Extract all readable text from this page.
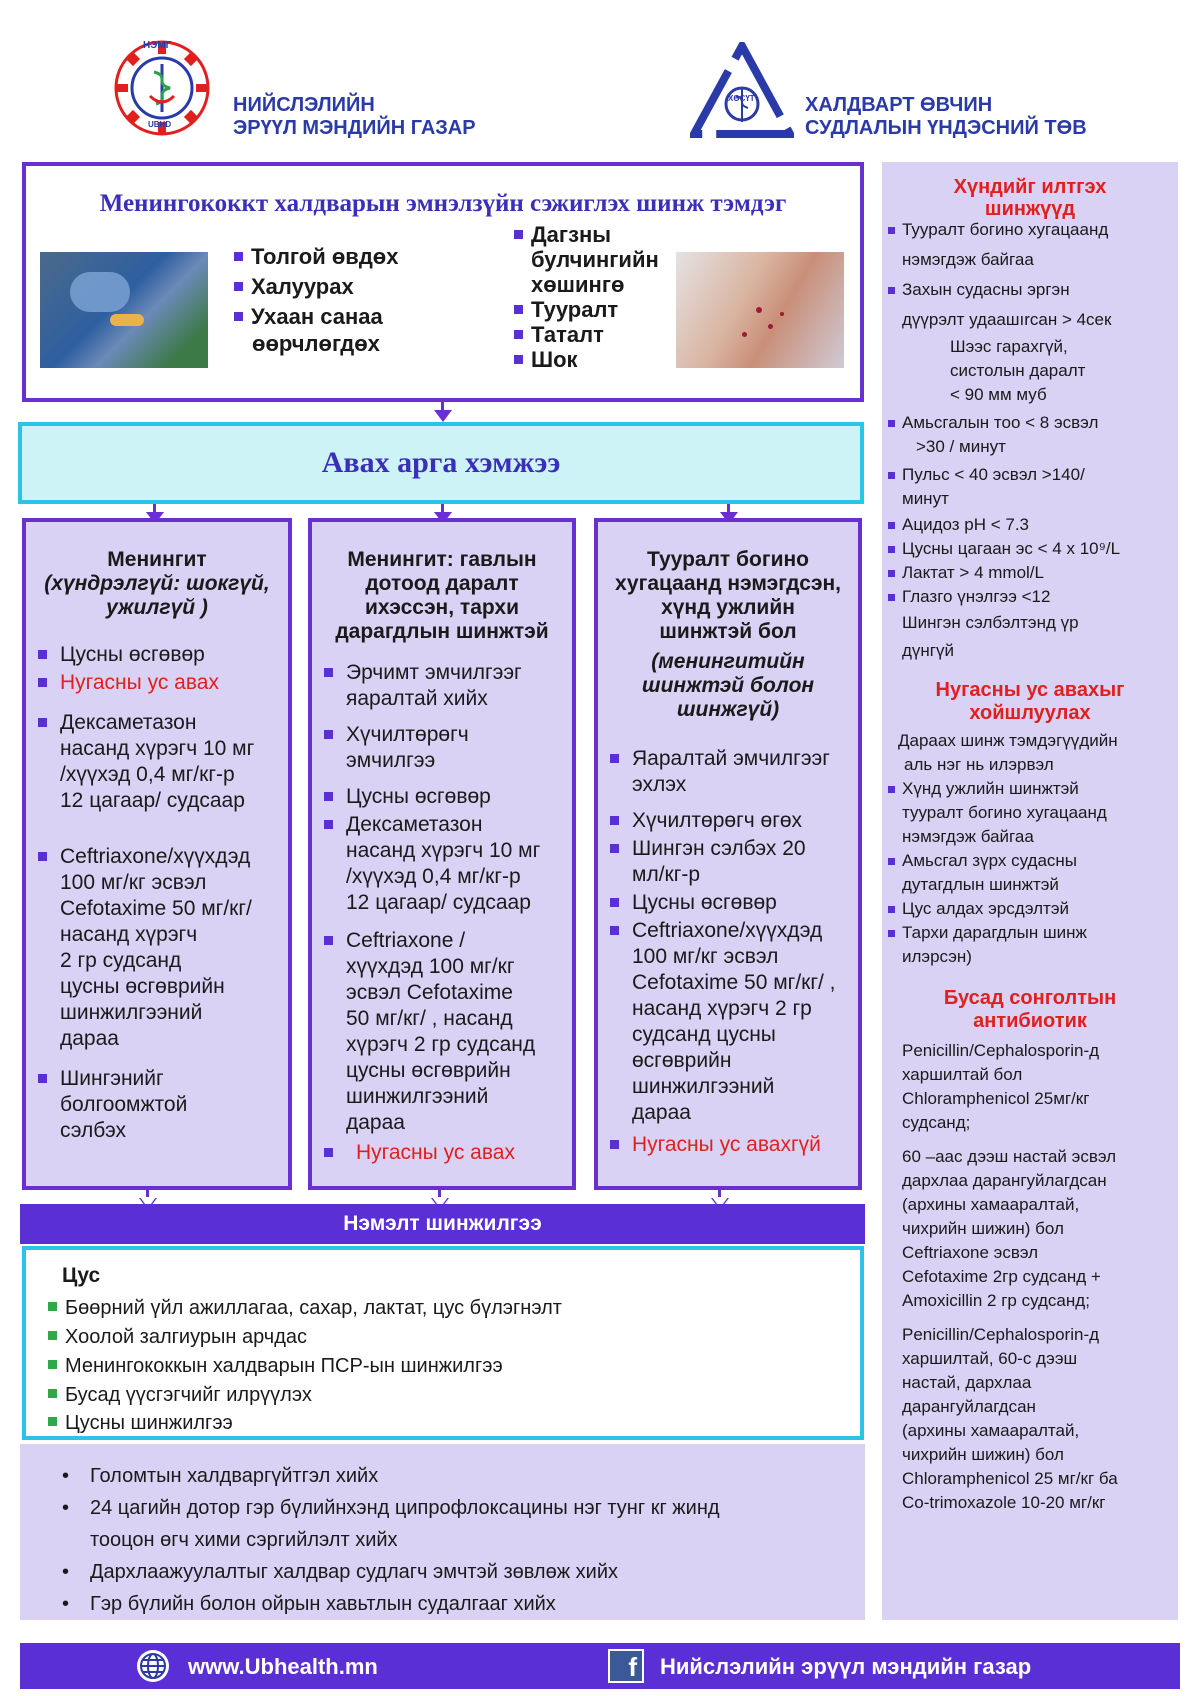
НЭМГ
UBHD
НИЙСЛЭЛИЙН
ЭРҮҮЛ МЭНДИЙН ГАЗАР
ХӨСҮТ	ХАЛДВАРТ ӨВЧИН
СУДЛАЛЫН ҮНДЭСНИЙ ТӨВ
Менингококкт халдварын эмнэлзүйн сэжиглэх шинж тэмдэг
Толгой өвдөх
Халуурах
Ухаан санаа
өөрчлөгдөх
Дагзны
булчингийн
хөшингө
Тууралт
Таталт
Шок
Авах арга хэмжээ
Менингит
(хүндрэлгүй: шокгүй,
ужилгүй )
Цусны өсгөвөр
Нугасны ус авах
Дексаметазон
насанд хүрэгч 10 мг
/хүүхэд 0,4 мг/кг-р
12 цагаар/ судсаар
Ceftriaxone/хүүхдэд
100 мг/кг эсвэл
Cefotaxime 50 мг/кг/
насанд хүрэгч
2 гр судсанд
цусны өсгөврийн
шинжилгээний
дараа
Шингэнийг
болгоомжтой
сэлбэх
Менингит: гавлын
дотоод даралт
ихэссэн, тархи
дарагдлын шинжтэй
Эрчимт эмчилгээг
яаралтай хийх
Хүчилтөрөгч
эмчилгээ
Цусны өсгөвөр
Дексаметазон
насанд хүрэгч 10 мг
/хүүхэд 0,4 мг/кг-р
12 цагаар/ судсаар
Ceftriaxone /
хүүхдэд 100 мг/кг
эсвэл Cefotaxime
50 мг/кг/ , насанд
хүрэгч 2 гр судсанд
цусны өсгөврийн
шинжилгээний
дараа
Нугасны ус авах
Тууралт богино
хугацаанд нэмэгдсэн,
хүнд ужлийн
шинжтэй бол
(менингитийн
шинжтэй болон
шинжгүй)
Яаралтай эмчилгээг
эхлэх
Хүчилтөрөгч өгөх
Шингэн сэлбэх 20
мл/кг-р
Цусны өсгөвөр
Ceftriaxone/хүүхдэд
100 мг/кг эсвэл
Cefotaxime 50 мг/кг/ ,
насанд хүрэгч 2 гр
судсанд цусны
өсгөврийн
шинжилгээний
дараа
Нугасны ус авахгүй
Нэмэлт шинжилгээ
Цус
Бөөрний үйл ажиллагаа, сахар, лактат, цус бүлэгнэлт
Хоолой залгиурын арчдас
Менингококкын халдварын ПСР-ын шинжилгээ
Бусад үүсгэгчийг илрүүлэх
Цусны шинжилгээ
• Голомтын халдваргүйтгэл хийх
• 24 цагийн дотор гэр бүлийнхэнд ципрофлоксацины нэг тунг кг жинд
тооцон өгч хими сэргийлэлт хийх
• Дархлаажуулалтыг халдвар судлагч эмчтэй зөвлөж хийх
• Гэр бүлийн болон ойрын хавьтлын судалгааг хийх
Хүндийг илтгэх
шинжүүд
Тууралт богино хугацаанд
нэмэгдэж байгаа
Захын судасны эргэн
дүүрэлт удаашırсан > 4сек
Шээс гарахгүй,
систолын даралт
< 90 мм муб
Амьсгалын тоо < 8 эсвэл
>30 / минут
Пульс < 40 эсвэл >140/
минут
Ацидоз pH < 7.3
Цусны цагаан эс < 4 x 10⁹/L
Лактат > 4 mmol/L
Глазго үнэлгээ <12
Шингэн сэлбэлтэнд үр
дүнгүй
Нугасны ус авахыг
хойшлуулах
Дараах шинж тэмдэгүүдийн
аль нэг нь илэрвэл
Хүнд ужлийн шинжтэй
тууралт богино хугацаанд
нэмэгдэж байгаа
Амьсгал зүрх судасны
дутагдлын шинжтэй
Цус алдах эрсдэлтэй
Тархи дарагдлын шинж
илэрсэн)
Бусад сонголтын
антибиотик
Penicillin/Cephalosporin-д
харшилтай бол
Chloramphenicol 25мг/кг
судсанд;
60 –аас дээш настай эсвэл
дархлаа дарангуйлагдсан
(архины хамааралтай,
чихрийн шижин) бол
Ceftriaxone эсвэл
Cefotaxime 2гр судсанд +
Amoxicillin 2 гр судсанд;
Penicillin/Cephalosporin-д
харшилтай, 60-с дээш
настай, дархлаа
дарангуйлагдсан
(архины хамааралтай,
чихрийн шижин) бол
Chloramphenicol 25 мг/кг ба
Co-trimoxazole 10-20 мг/кг
www.Ubhealth.mn	f	Нийслэлийн эрүүл мэндийн газар
